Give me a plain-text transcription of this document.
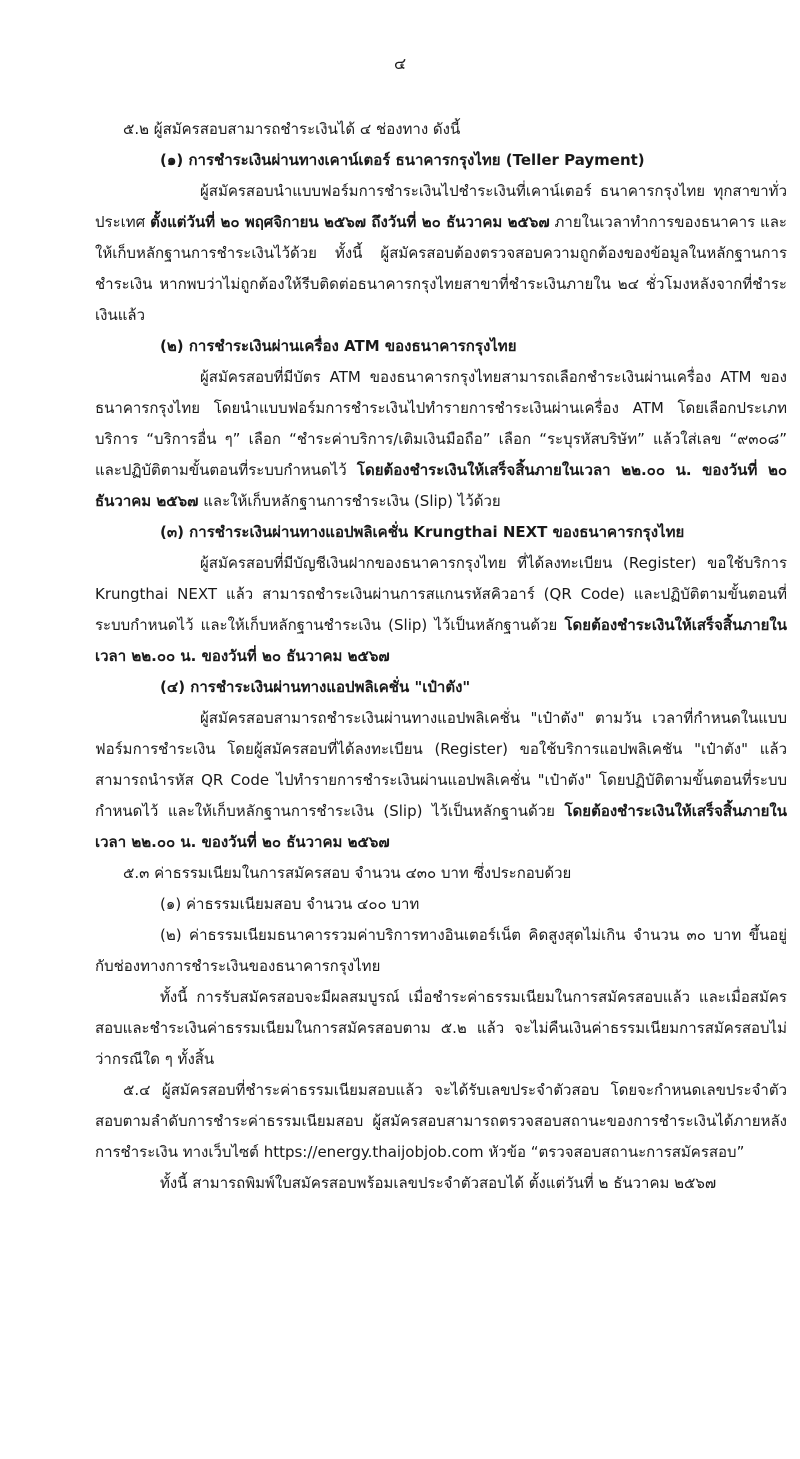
๔

๕.๒ ผู้สมัครสอบสามารถชำระเงินได้ ๔ ช่องทาง ดังนี้

(๑) การชำระเงินผ่านทางเคาน์เตอร์ ธนาคารกรุงไทย (Teller Payment)

ผู้สมัครสอบนำแบบฟอร์มการชำระเงินไปชำระเงินที่เคาน์เตอร์ ธนาคารกรุงไทย ทุกสาขาทั่วประเทศ ตั้งแต่วันที่ ๒๐ พฤศจิกายน ๒๕๖๗ ถึงวันที่ ๒๐ ธันวาคม ๒๕๖๗ ภายในเวลาทำการของธนาคาร และให้เก็บหลักฐานการชำระเงินไว้ด้วย ทั้งนี้ ผู้สมัครสอบต้องตรวจสอบความถูกต้องของข้อมูลในหลักฐานการชำระเงิน หากพบว่าไม่ถูกต้องให้รีบติดต่อธนาคารกรุงไทยสาขาที่ชำระเงินภายใน ๒๔ ชั่วโมงหลังจากที่ชำระเงินแล้ว

(๒) การชำระเงินผ่านเครื่อง ATM ของธนาคารกรุงไทย

ผู้สมัครสอบที่มีบัตร ATM ของธนาคารกรุงไทยสามารถเลือกชำระเงินผ่านเครื่อง ATM ของธนาคารกรุงไทย โดยนำแบบฟอร์มการชำระเงินไปทำรายการชำระเงินผ่านเครื่อง ATM โดยเลือกประเภทบริการ “บริการอื่น ๆ” เลือก “ชำระค่าบริการ/เติมเงินมือถือ” เลือก “ระบุรหัสบริษัท” แล้วใส่เลข “๙๓๐๘” และปฏิบัติตามขั้นตอนที่ระบบกำหนดไว้ โดยต้องชำระเงินให้เสร็จสิ้นภายในเวลา ๒๒.๐๐ น. ของวันที่ ๒๐ ธันวาคม ๒๕๖๗ และให้เก็บหลักฐานการชำระเงิน (Slip) ไว้ด้วย

(๓) การชำระเงินผ่านทางแอปพลิเคชั่น Krungthai NEXT ของธนาคารกรุงไทย

ผู้สมัครสอบที่มีบัญชีเงินฝากของธนาคารกรุงไทย ที่ได้ลงทะเบียน (Register) ขอใช้บริการ Krungthai NEXT แล้ว สามารถชำระเงินผ่านการสแกนรหัสคิวอาร์ (QR Code) และปฏิบัติตามขั้นตอนที่ระบบกำหนดไว้ และให้เก็บหลักฐานชำระเงิน (Slip) ไว้เป็นหลักฐานด้วย โดยต้องชำระเงินให้เสร็จสิ้นภายในเวลา ๒๒.๐๐ น. ของวันที่ ๒๐ ธันวาคม ๒๕๖๗

(๔) การชำระเงินผ่านทางแอปพลิเคชั่น "เป๋าตัง"

ผู้สมัครสอบสามารถชำระเงินผ่านทางแอปพลิเคชั่น "เป๋าตัง" ตามวัน เวลาที่กำหนดในแบบฟอร์มการชำระเงิน โดยผู้สมัครสอบที่ได้ลงทะเบียน (Register) ขอใช้บริการแอปพลิเคชัน "เป๋าตัง" แล้วสามารถนำรหัส QR Code ไปทำรายการชำระเงินผ่านแอปพลิเคชั่น "เป๋าตัง" โดยปฏิบัติตามขั้นตอนที่ระบบกำหนดไว้ และให้เก็บหลักฐานการชำระเงิน (Slip) ไว้เป็นหลักฐานด้วย โดยต้องชำระเงินให้เสร็จสิ้นภายในเวลา ๒๒.๐๐ น. ของวันที่ ๒๐ ธันวาคม ๒๕๖๗

๕.๓ ค่าธรรมเนียมในการสมัครสอบ จำนวน ๔๓๐ บาท ซึ่งประกอบด้วย

(๑) ค่าธรรมเนียมสอบ จำนวน ๔๐๐ บาท

(๒) ค่าธรรมเนียมธนาคารรวมค่าบริการทางอินเตอร์เน็ต คิดสูงสุดไม่เกิน จำนวน ๓๐ บาท ขึ้นอยู่กับช่องทางการชำระเงินของธนาคารกรุงไทย

ทั้งนี้ การรับสมัครสอบจะมีผลสมบูรณ์ เมื่อชำระค่าธรรมเนียมในการสมัครสอบแล้ว และเมื่อสมัครสอบและชำระเงินค่าธรรมเนียมในการสมัครสอบตาม ๕.๒ แล้ว จะไม่คืนเงินค่าธรรมเนียมการสมัครสอบไม่ว่ากรณีใด ๆ ทั้งสิ้น

๕.๔ ผู้สมัครสอบที่ชำระค่าธรรมเนียมสอบแล้ว จะได้รับเลขประจำตัวสอบ โดยจะกำหนดเลขประจำตัวสอบตามลำดับการชำระค่าธรรมเนียมสอบ ผู้สมัครสอบสามารถตรวจสอบสถานะของการชำระเงินได้ภายหลังการชำระเงิน ทางเว็บไซต์ https://energy.thaijobjob.com หัวข้อ “ตรวจสอบสถานะการสมัครสอบ”

ทั้งนี้ สามารถพิมพ์ใบสมัครสอบพร้อมเลขประจำตัวสอบได้ ตั้งแต่วันที่ ๒ ธันวาคม ๒๕๖๗
